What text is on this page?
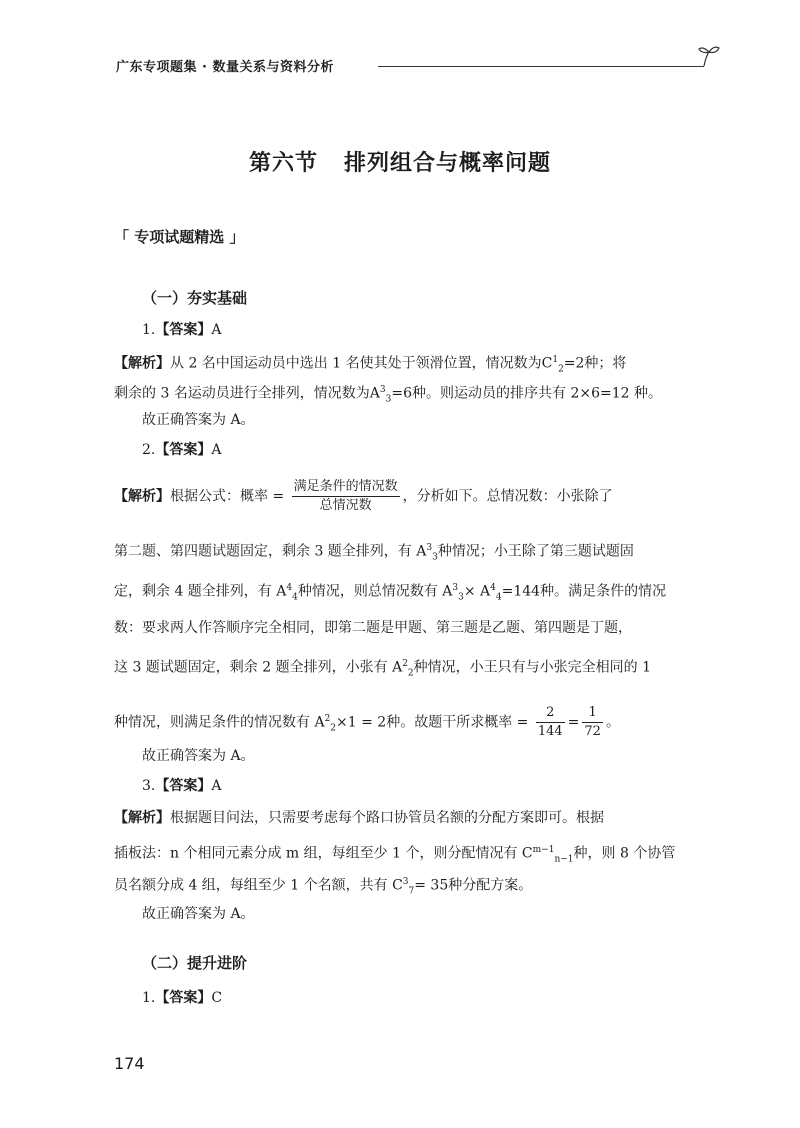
广东专项题集 · 数量关系与资料分析
第六节 排列组合与概率问题
「 专项试题精选 」
（一）夯实基础
1.【答案】A
【解析】从 2 名中国运动员中选出 1 名使其处于领滑位置，情况数为$C^1_2=2$种；将
剩余的 3 名运动员进行全排列，情况数为$A^3_3=6$种。则运动员的排序共有 2×6=12 种。
故正确答案为 A。
2.【答案】A
【解析】根据公式：概率 = $\frac{\text{满足条件的情况数}}{\text{总情况数}}$ ，分析如下。总情况数：小张除了
第二题、第四题试题固定，剩余 3 题全排列，有 $A^3_3$种情况；小王除了第三题试题固
定，剩余 4 题全排列，有 $A^4_4$种情况，则总情况数有 $A^3_3\times A^4_4=144$种。满足条件的情况
数：要求两人作答顺序完全相同，即第二题是甲题、第三题是乙题、第四题是丁题，
这 3 题试题固定，剩余 2 题全排列，小张有 $A^2_2$种情况，小王只有与小张完全相同的 1
种情况，则满足条件的情况数有 $A^2_2\times 1 = 2$种。故题干所求概率 = $\frac{2}{144} = \frac{1}{72}$ 。
故正确答案为 A。
3.【答案】A
【解析】根据题目问法，只需要考虑每个路口协管员名额的分配方案即可。根据
插板法：n 个相同元素分成 m 组，每组至少 1 个，则分配情况有 $C^{m-1}_{n-1}$种，则 8 个协管
员名额分成 4 组，每组至少 1 个名额，共有 $C^3_7= 35$种分配方案。
故正确答案为 A。
（二）提升进阶
1.【答案】C
174
